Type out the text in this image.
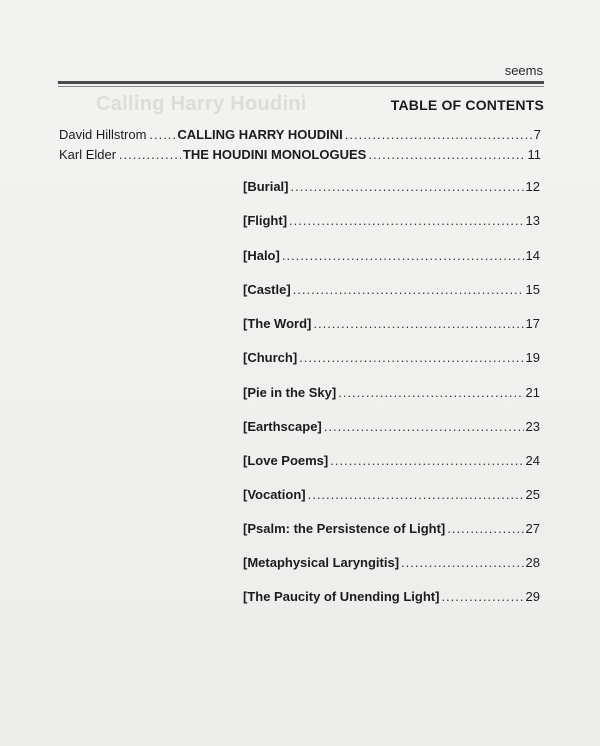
Calling Harry Houdini
seems
TABLE OF CONTENTS
David Hillstrom ..... CALLING HARRY HOUDINI .....	7
Karl Elder .....	THE HOUDINI MONOLOGUES .....	11
[Burial] .....	12
[Flight] .....	13
[Halo] .....	14
[Castle] .....	15
[The Word] .....	17
[Church] .....	19
[Pie in the Sky] .....	21
[Earthscape] .....	23
[Love Poems] .....	24
[Vocation] .....	25
[Psalm: the Persistence of Light] .....	27
[Metaphysical Laryngitis] .....	28
[The Paucity of Unending Light] .....	29
